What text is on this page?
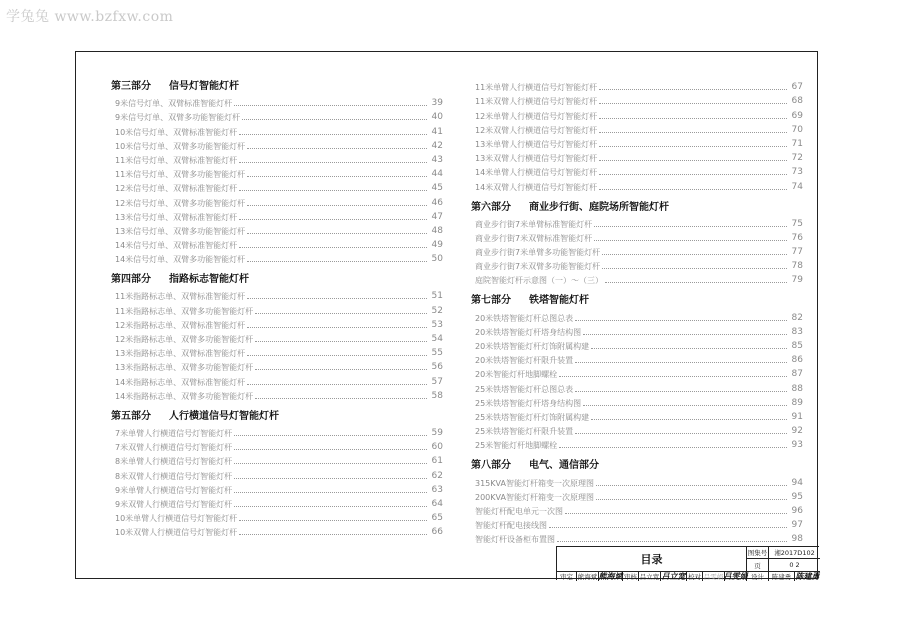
学兔兔 www.bzfxw.com
第三部分 信号灯智能灯杆
9米信号灯单、双臂标准智能灯杆	39
9米信号灯单、双臂多功能智能灯杆	40
10米信号灯单、双臂标准智能灯杆	41
10米信号灯单、双臂多功能智能灯杆	42
11米信号灯单、双臂标准智能灯杆	43
11米信号灯单、双臂多功能智能灯杆	44
12米信号灯单、双臂标准智能灯杆	45
12米信号灯单、双臂多功能智能灯杆	46
13米信号灯单、双臂标准智能灯杆	47
13米信号灯单、双臂多功能智能灯杆	48
14米信号灯单、双臂标准智能灯杆	49
14米信号灯单、双臂多功能智能灯杆	50
第四部分 指路标志智能灯杆
11米指路标志单、双臂标准智能灯杆	51
11米指路标志单、双臂多功能智能灯杆	52
12米指路标志单、双臂标准智能灯杆	53
12米指路标志单、双臂多功能智能灯杆	54
13米指路标志单、双臂标准智能灯杆	55
13米指路标志单、双臂多功能智能灯杆	56
14米指路标志单、双臂标准智能灯杆	57
14米指路标志单、双臂多功能智能灯杆	58
第五部分 人行横道信号灯智能灯杆
7米单臂人行横道信号灯智能灯杆	59
7米双臂人行横道信号灯智能灯杆	60
8米单臂人行横道信号灯智能灯杆	61
8米双臂人行横道信号灯智能灯杆	62
9米单臂人行横道信号灯智能灯杆	63
9米双臂人行横道信号灯智能灯杆	64
10米单臂人行横道信号灯智能灯杆	65
10米双臂人行横道信号灯智能灯杆	66
11米单臂人行横道信号灯智能灯杆	67
11米双臂人行横道信号灯智能灯杆	68
12米单臂人行横道信号灯智能灯杆	69
12米双臂人行横道信号灯智能灯杆	70
13米单臂人行横道信号灯智能灯杆	71
13米双臂人行横道信号灯智能灯杆	72
14米单臂人行横道信号灯智能灯杆	73
14米双臂人行横道信号灯智能灯杆	74
第六部分 商业步行街、庭院场所智能灯杆
商业步行街7米单臂标准智能灯杆	75
商业步行街7米双臂标准智能灯杆	76
商业步行街7米单臂多功能智能灯杆	77
商业步行街7米双臂多功能智能灯杆	78
庭院智能灯杆示意图（一）～（三）	79
第七部分 铁塔智能灯杆
20米铁塔智能灯杆总图总表	82
20米铁塔智能灯杆塔身结构图	83
20米铁塔智能灯杆灯饰附属构建	85
20米铁塔智能灯杆限升装置	86
20米智能灯杆地脚螺栓	87
25米铁塔智能灯杆总图总表	88
25米铁塔智能灯杆塔身结构图	89
25米铁塔智能灯杆灯饰附属构建	91
25米铁塔智能灯杆限升装置	92
25米智能灯杆地脚螺栓	93
第八部分 电气、通信部分
315KVA智能灯杆箱变一次原理图	94
200KVA智能灯杆箱变一次原理图	95
智能灯杆配电单元一次图	96
智能灯杆配电接线图	97
智能灯杆设备柜布置图	98
目录	图集号	湘2017D102
页	0 2
审定 熊海斌 熊海斌 审核 吕立宽 吕立宽 校对 吕雯娟 吕雯娟 设计	陈建勇 陈建勇
